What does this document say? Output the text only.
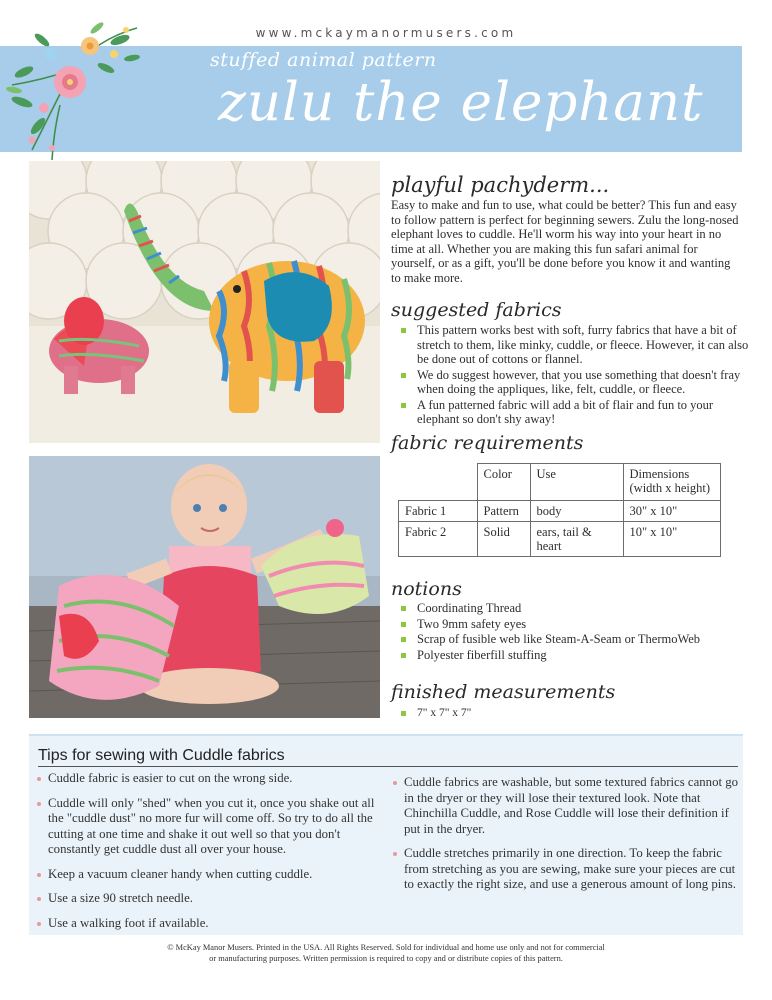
www.mckaymanormusers.com
stuffed animal pattern
zulu the elephant
playful pachyderm...
Easy to make and fun to use, what could be better? This fun and easy to follow pattern is perfect for beginning sewers. Zulu the long-nosed elephant loves to cuddle. He'll worm his way into your heart in no time at all. Whether you are making this fun safari animal for yourself, or as a gift, you'll be done before you know it and wanting to make more.
suggested fabrics
This pattern works best with soft, furry fabrics that have a bit of stretch to them, like minky, cuddle, or fleece. However, it can also be done out of cottons or flannel.
We do suggest however, that you use something that doesn't fray when doing the appliques, like, felt, cuddle, or fleece.
A fun patterned fabric will add a bit of flair and fun to your elephant so don't shy away!
fabric requirements
	Color	Use	Dimensions (width x height)
Fabric 1	Pattern	body	30" x 10"
Fabric 2	Solid	ears, tail & heart	10" x 10"
notions
Coordinating Thread
Two 9mm safety eyes
Scrap of fusible web like Steam-A-Seam or ThermoWeb
Polyester fiberfill stuffing
finished measurements
7" x 7" x 7"
Tips for sewing with Cuddle fabrics
Cuddle fabric is easier to cut on the wrong side.
Cuddle will only "shed" when you cut it, once you shake out all the "cuddle dust" no more fur will come off. So try to do all the cutting at one time and shake it out well so that you don't constantly get cuddle dust all over your house.
Keep a vacuum cleaner handy when cutting cuddle.
Use a size 90 stretch needle.
Use a walking foot if available.
Cuddle fabrics are washable, but some textured fabrics cannot go in the dryer or they will lose their textured look. Note that Chinchilla Cuddle, and Rose Cuddle will lose their definition if put in the dryer.
Cuddle stretches primarily in one direction. To keep the fabric from stretching as you are sewing, make sure your pieces are cut to exactly the right size, and use a generous amount of long pins.
© McKay Manor Musers. Printed in the USA. All Rights Reserved. Sold for individual and home use only and not for commercial
or manufacturing purposes. Written permission is required to copy and or distribute copies of this pattern.
